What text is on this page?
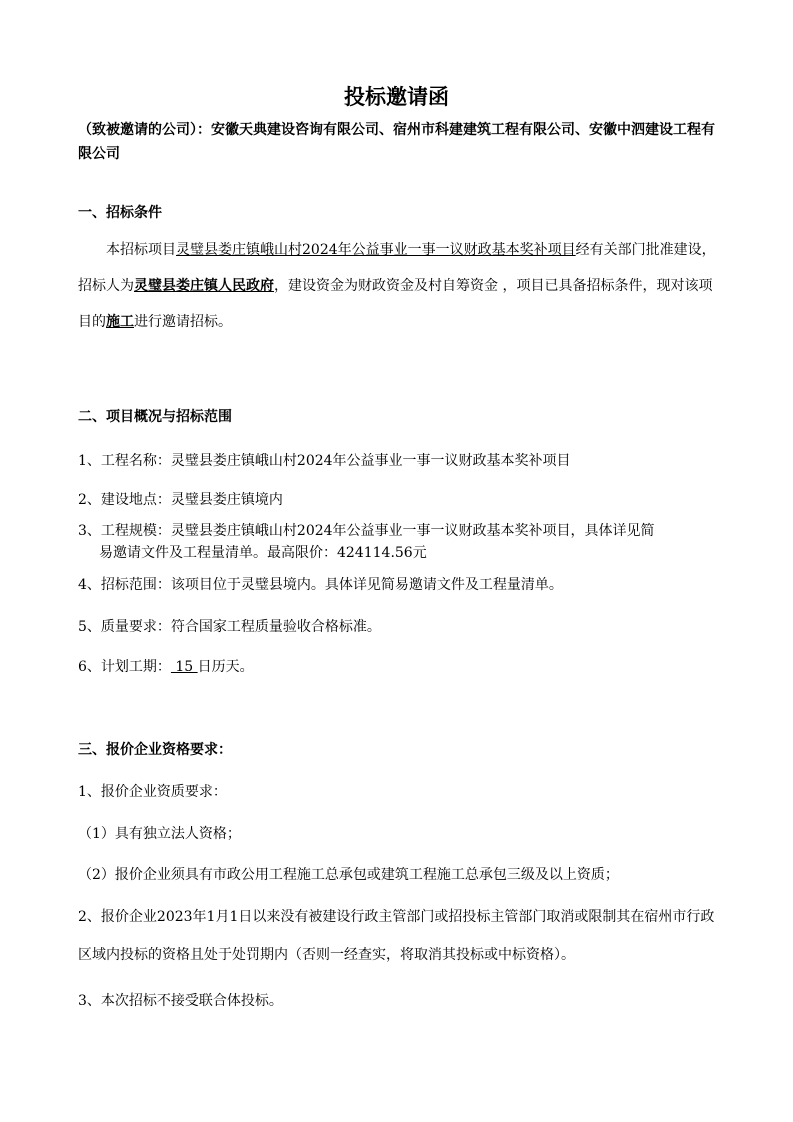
投标邀请函

（致被邀请的公司）：安徽天典建设咨询有限公司、宿州市科建建筑工程有限公司、安徽中泗建设工程有限公司

一、招标条件

本招标项目灵璧县娄庄镇峨山村2024年公益事业一事一议财政基本奖补项目经有关部门批准建设，招标人为灵璧县娄庄镇人民政府，建设资金为财政资金及村自筹资金 ，项目已具备招标条件，现对该项目的施工进行邀请招标。

二、项目概况与招标范围

1、工程名称：灵璧县娄庄镇峨山村2024年公益事业一事一议财政基本奖补项目

2、建设地点：灵璧县娄庄镇境内

3、工程规模：灵璧县娄庄镇峨山村2024年公益事业一事一议财政基本奖补项目，具体详见简
易邀请文件及工程量清单。最高限价：424114.56元

4、招标范围：该项目位于灵璧县境内。具体详见简易邀请文件及工程量清单。

5、质量要求：符合国家工程质量验收合格标准。

6、计划工期： 15 日历天。

三、报价企业资格要求：

1、报价企业资质要求：

（1）具有独立法人资格；

（2）报价企业须具有市政公用工程施工总承包或建筑工程施工总承包三级及以上资质；

2、报价企业2023年1月1日以来没有被建设行政主管部门或招投标主管部门取消或限制其在宿州市行政区域内投标的资格且处于处罚期内（否则一经查实，将取消其投标或中标资格）。

3、本次招标不接受联合体投标。
